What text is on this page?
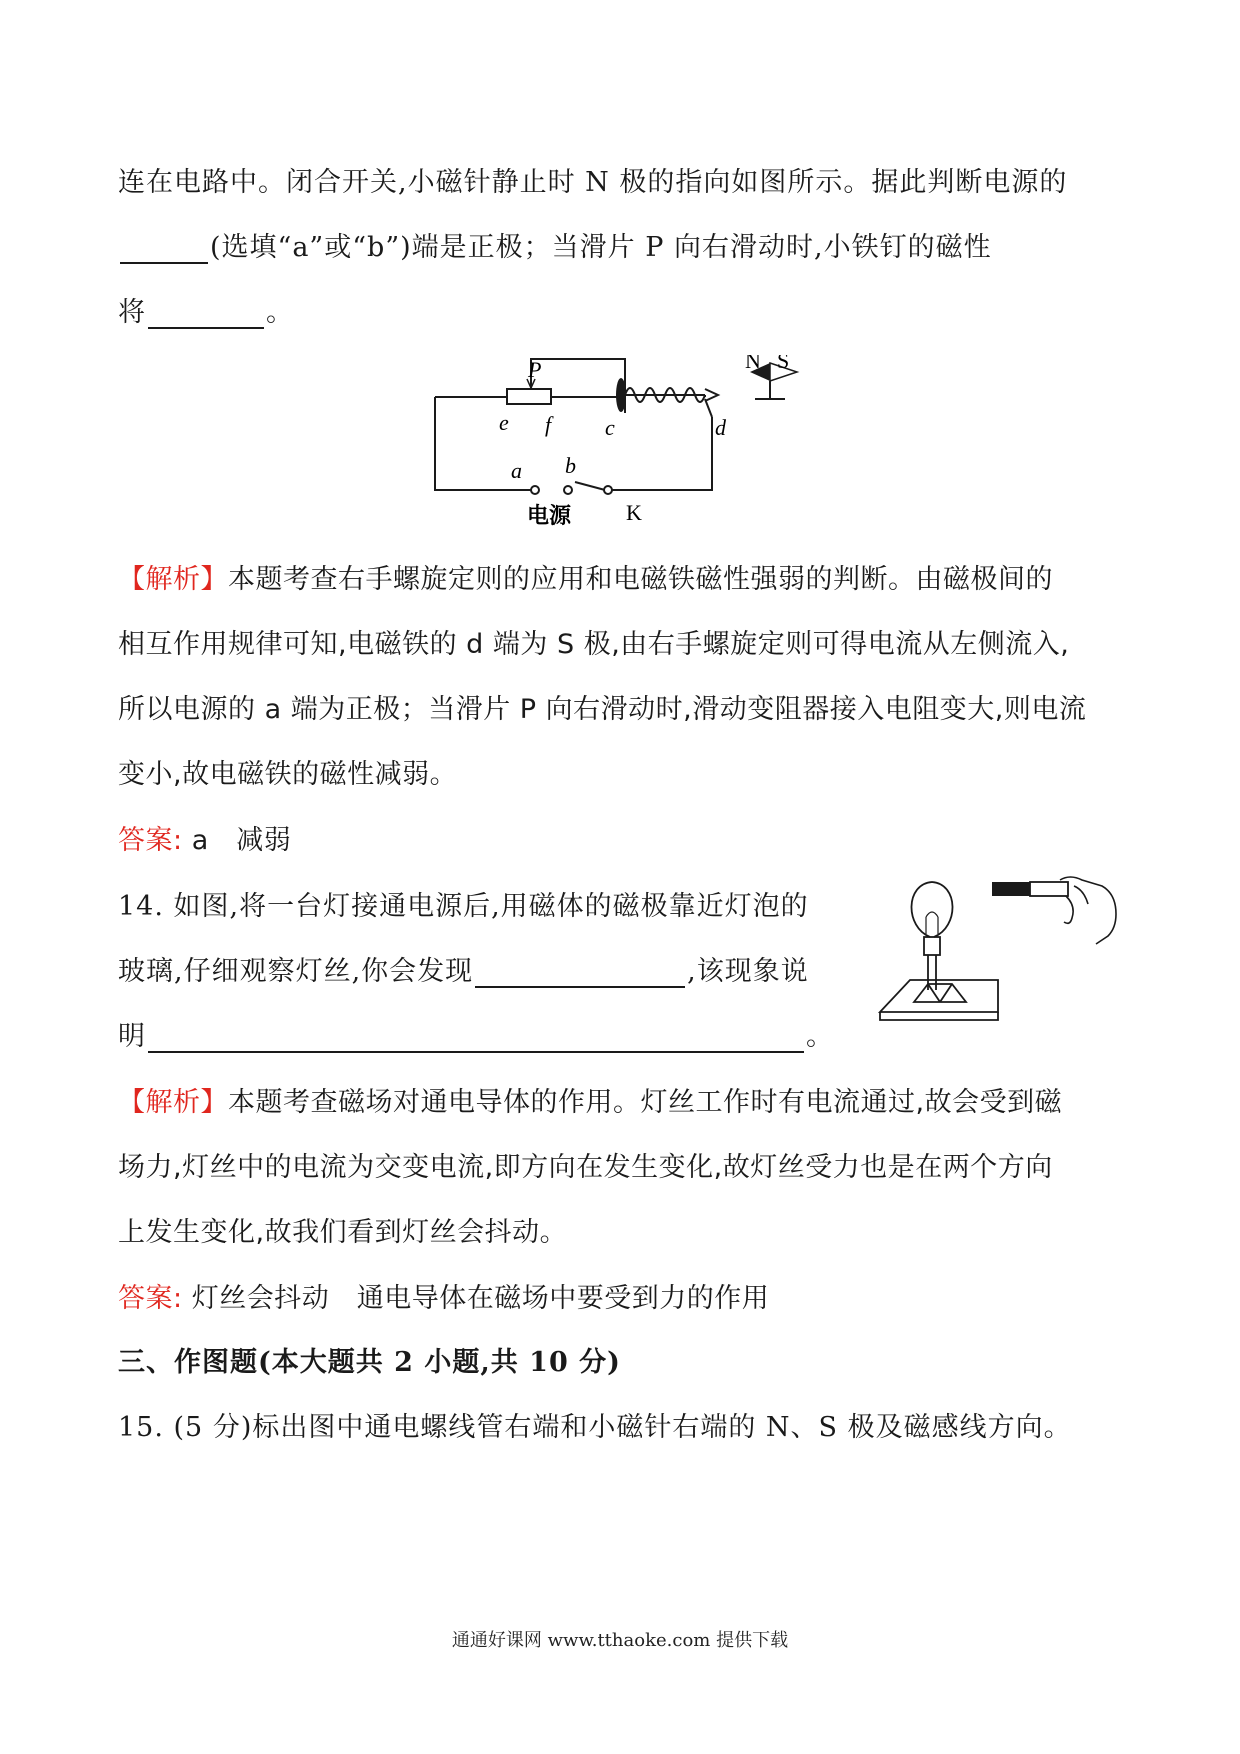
连在电路中。闭合开关,小磁针静止时 N 极的指向如图所示。据此判断电源的
(选填“a”或“b”)端是正极；当滑片 P 向右滑动时,小铁钉的磁性
将	。
P
e f c	d
N S
a b
K
电源
【解析】本题考查右手螺旋定则的应用和电磁铁磁性强弱的判断。由磁极间的
相互作用规律可知,电磁铁的 d 端为 S 极,由右手螺旋定则可得电流从左侧流入,
所以电源的 a 端为正极；当滑片 P 向右滑动时,滑动变阻器接入电阻变大,则电流
变小,故电磁铁的磁性减弱。
答案: a　减弱
14. 如图,将一台灯接通电源后,用磁体的磁极靠近灯泡的
玻璃,仔细观察灯丝,你会发现	,该现象说
明	。
【解析】本题考查磁场对通电导体的作用。灯丝工作时有电流通过,故会受到磁
场力,灯丝中的电流为交变电流,即方向在发生变化,故灯丝受力也是在两个方向
上发生变化,故我们看到灯丝会抖动。
答案: 灯丝会抖动　通电导体在磁场中要受到力的作用
三、作图题(本大题共 2 小题,共 10 分)
15. (5 分)标出图中通电螺线管右端和小磁针右端的 N、S 极及磁感线方向。
通通好课网 www.tthaoke.com 提供下载
